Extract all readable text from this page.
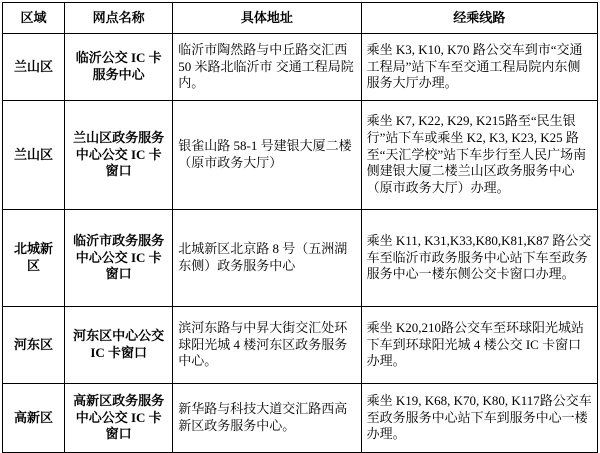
区域	网点名称	具体地址	经乘线路
兰山区	临沂公交 IC 卡服务中心	临沂市陶然路与中丘路交汇西 50 米路北临沂市 交通工程局院内。	乘坐 K3, K10, K70 路公交车到市“交通工程局”站下车至交通工程局院内东侧服务大厅办理。
兰山区	兰山区政务服务中心公交 IC 卡窗口	银雀山路 58-1 号建银大厦二楼（原市政务大厅）	乘坐 K7, K22, K29, K215路至“民生银行”站下车或乘坐 K2, K3, K23, K25 路至“天汇学校”站下车步行至人民广场南侧建银大厦二楼兰山区政务服务中心（原市政务大厅）办理。
北城新区	临沂市政务服务中心公交 IC 卡窗口	北城新区北京路 8 号（五洲湖东侧）政务服务中心	乘坐 K11, K31,K33,K80,K81,K87 路公交车至临沂市政务服务中心站下车至政务服务中心一楼东侧公交卡窗口办理。
河东区	河东区中心公交 IC 卡窗口	滨河东路与中昇大街交汇处环球阳光城 4 楼河东区政务服务中心。	乘坐 K20,210路公交车至环球阳光城站下车到环球阳光城 4 楼公交 IC 卡窗口办理。
高新区	高新区政务服务中心公交 IC 卡窗口	新华路与科技大道交汇路西高新区政务服务中心。	乘坐 K19, K68, K70, K80, K117路公交车至政务服务中心站下车到服务中心一楼办理。
